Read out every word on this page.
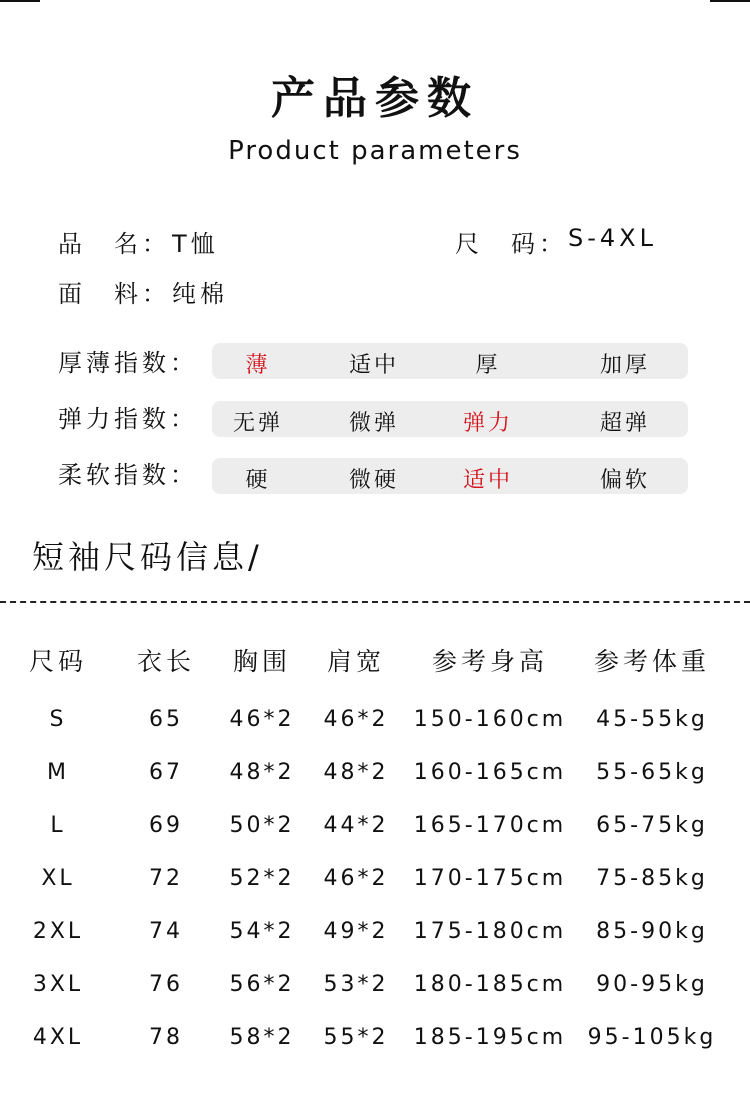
产品参数
Product parameters
品　名： T恤	尺　码： S-4XL
面　料： 纯棉
厚薄指数：	薄	适中	厚	加厚
弹力指数：	无弹	微弹	弹力	超弹
柔软指数：	硬	微硬	适中	偏软
短袖尺码信息/
尺码	衣长	胸围	肩宽	参考身高	参考体重
S	65	46*2	46*2	150-160cm	45-55kg
M	67	48*2	48*2	160-165cm	55-65kg
L	69	50*2	44*2	165-170cm	65-75kg
XL	72	52*2	46*2	170-175cm	75-85kg
2XL	74	54*2	49*2	175-180cm	85-90kg
3XL	76	56*2	53*2	180-185cm	90-95kg
4XL	78	58*2	55*2	185-195cm 95-105kg
